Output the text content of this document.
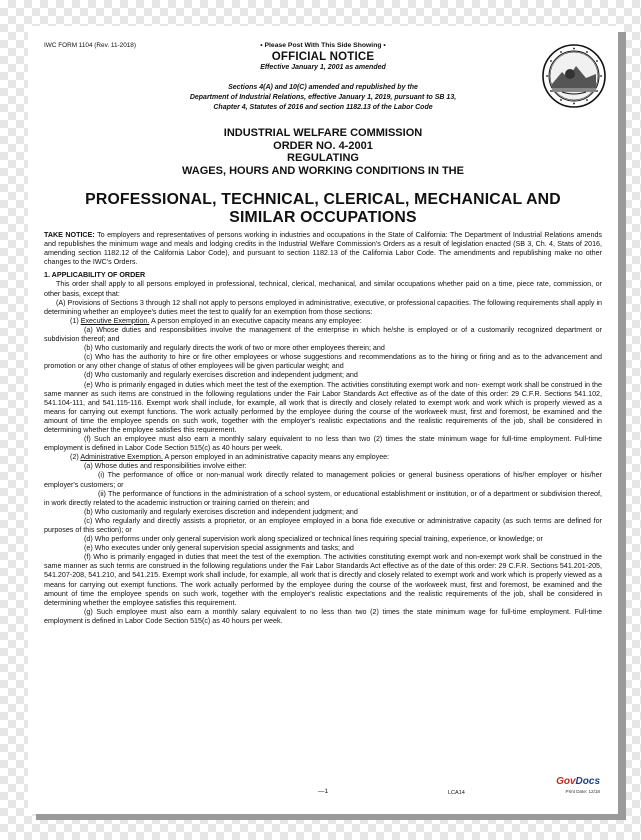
IWC FORM 1104 (Rev. 11-2018)	• Please Post With This Side Showing •
OFFICIAL NOTICE
Effective January 1, 2001 as amended
Sections 4(A) and 10(C) amended and republished by the
Department of Industrial Relations, effective January 1, 2019, pursuant to SB 13,
Chapter 4, Statutes of 2016 and section 1182.13 of the Labor Code
INDUSTRIAL WELFARE COMMISSION
ORDER NO. 4-2001
REGULATING
WAGES, HOURS AND WORKING CONDITIONS IN THE
PROFESSIONAL, TECHNICAL, CLERICAL, MECHANICAL AND
SIMILAR OCCUPATIONS

TAKE NOTICE: To employers and representatives of persons working in industries and occupations in the State of California: The Department of Industrial Relations amends and republishes the minimum wage and meals and lodging credits in the Industrial Welfare Commission's Orders as a result of legislation enacted (SB 3, Ch. 4, Stats of 2016, amending section 1182.12 of the California Labor Code), and pursuant to section 1182.13 of the California Labor Code. The amendments and republishing make no other changes to the IWC's Orders.

1. APPLICABILITY OF ORDER

This order shall apply to all persons employed in professional, technical, clerical, mechanical, and similar occupations whether paid on a time, piece rate, commission, or other basis, except that:

(A) Provisions of Sections 3 through 12 shall not apply to persons employed in administrative, executive, or professional capacities. The following requirements shall apply in determining whether an employee's duties meet the test to qualify for an exemption from those sections:

(1) Executive Exemption. A person employed in an executive capacity means any employee:

(a) Whose duties and responsibilities involve the management of the enterprise in which he/she is employed or of a customarily recognized department or subdivision thereof; and

(b) Who customarily and regularly directs the work of two or more other employees therein; and

(c) Who has the authority to hire or fire other employees or whose suggestions and recommendations as to the hiring or firing and as to the advancement and promotion or any other change of status of other employees will be given particular weight; and

(d) Who customarily and regularly exercises discretion and independent judgment; and

(e) Who is primarily engaged in duties which meet the test of the exemption. The activities constituting exempt work and non- exempt work shall be construed in the same manner as such items are construed in the following regulations under the Fair Labor Standards Act effective as of the date of this order: 29 C.F.R. Sections 541.102, 541.104-111, and 541.115-116. Exempt work shall include, for example, all work that is directly and closely related to exempt work and work which is properly viewed as a means for carrying out exempt functions. The work actually performed by the employee during the course of the workweek must, first and foremost, be examined and the amount of time the employee spends on such work, together with the employer's realistic expectations and the realistic requirements of the job, shall be considered in determining whether the employee satisfies this requirement.

(f) Such an employee must also earn a monthly salary equivalent to no less than two (2) times the state minimum wage for full-time employment. Full-time employment is defined in Labor Code Section 515(c) as 40 hours per week.

(2) Administrative Exemption. A person employed in an administrative capacity means any employee:

(a) Whose duties and responsibilities involve either:

(i) The performance of office or non-manual work directly related to management policies or general business operations of his/her employer or his/her employer's customers; or

(ii) The performance of functions in the administration of a school system, or educational establishment or institution, or of a department or subdivision thereof, in work directly related to the academic instruction or training carried on therein; and

(b) Who customarily and regularly exercises discretion and independent judgment; and

(c) Who regularly and directly assists a proprietor, or an employee employed in a bona fide executive or administrative capacity (as such terms are defined for purposes of this section); or

(d) Who performs under only general supervision work along specialized or technical lines requiring special training, experience, or knowledge; or

(e) Who executes under only general supervision special assignments and tasks; and

(f) Who is primarily engaged in duties that meet the test of the exemption. The activities constituting exempt work and non-exempt work shall be construed in the same manner as such terms are construed in the following regulations under the Fair Labor Standards Act effective as of the date of this order: 29 C.F.R. Sections 541.201-205, 541.207-208, 541.210, and 541.215. Exempt work shall include, for example, all work that is directly and closely related to exempt work and work which is properly viewed as a means for carrying out exempt functions. The work actually performed by the employee during the course of the workweek must, first and foremost, be examined and the amount of time the employee spends on such work, together with the employer's realistic expectations and the realistic requirements of the job, shall be considered in determining whether the employee satisfies this requirement.

(g) Such employee must also earn a monthly salary equivalent to no less than two (2) times the state minimum wage for full-time employment. Full-time employment is defined in Labor Code Section 515(c) as 40 hours per week.

—1	LCA14
GovDocs
Print Date: 12/18
